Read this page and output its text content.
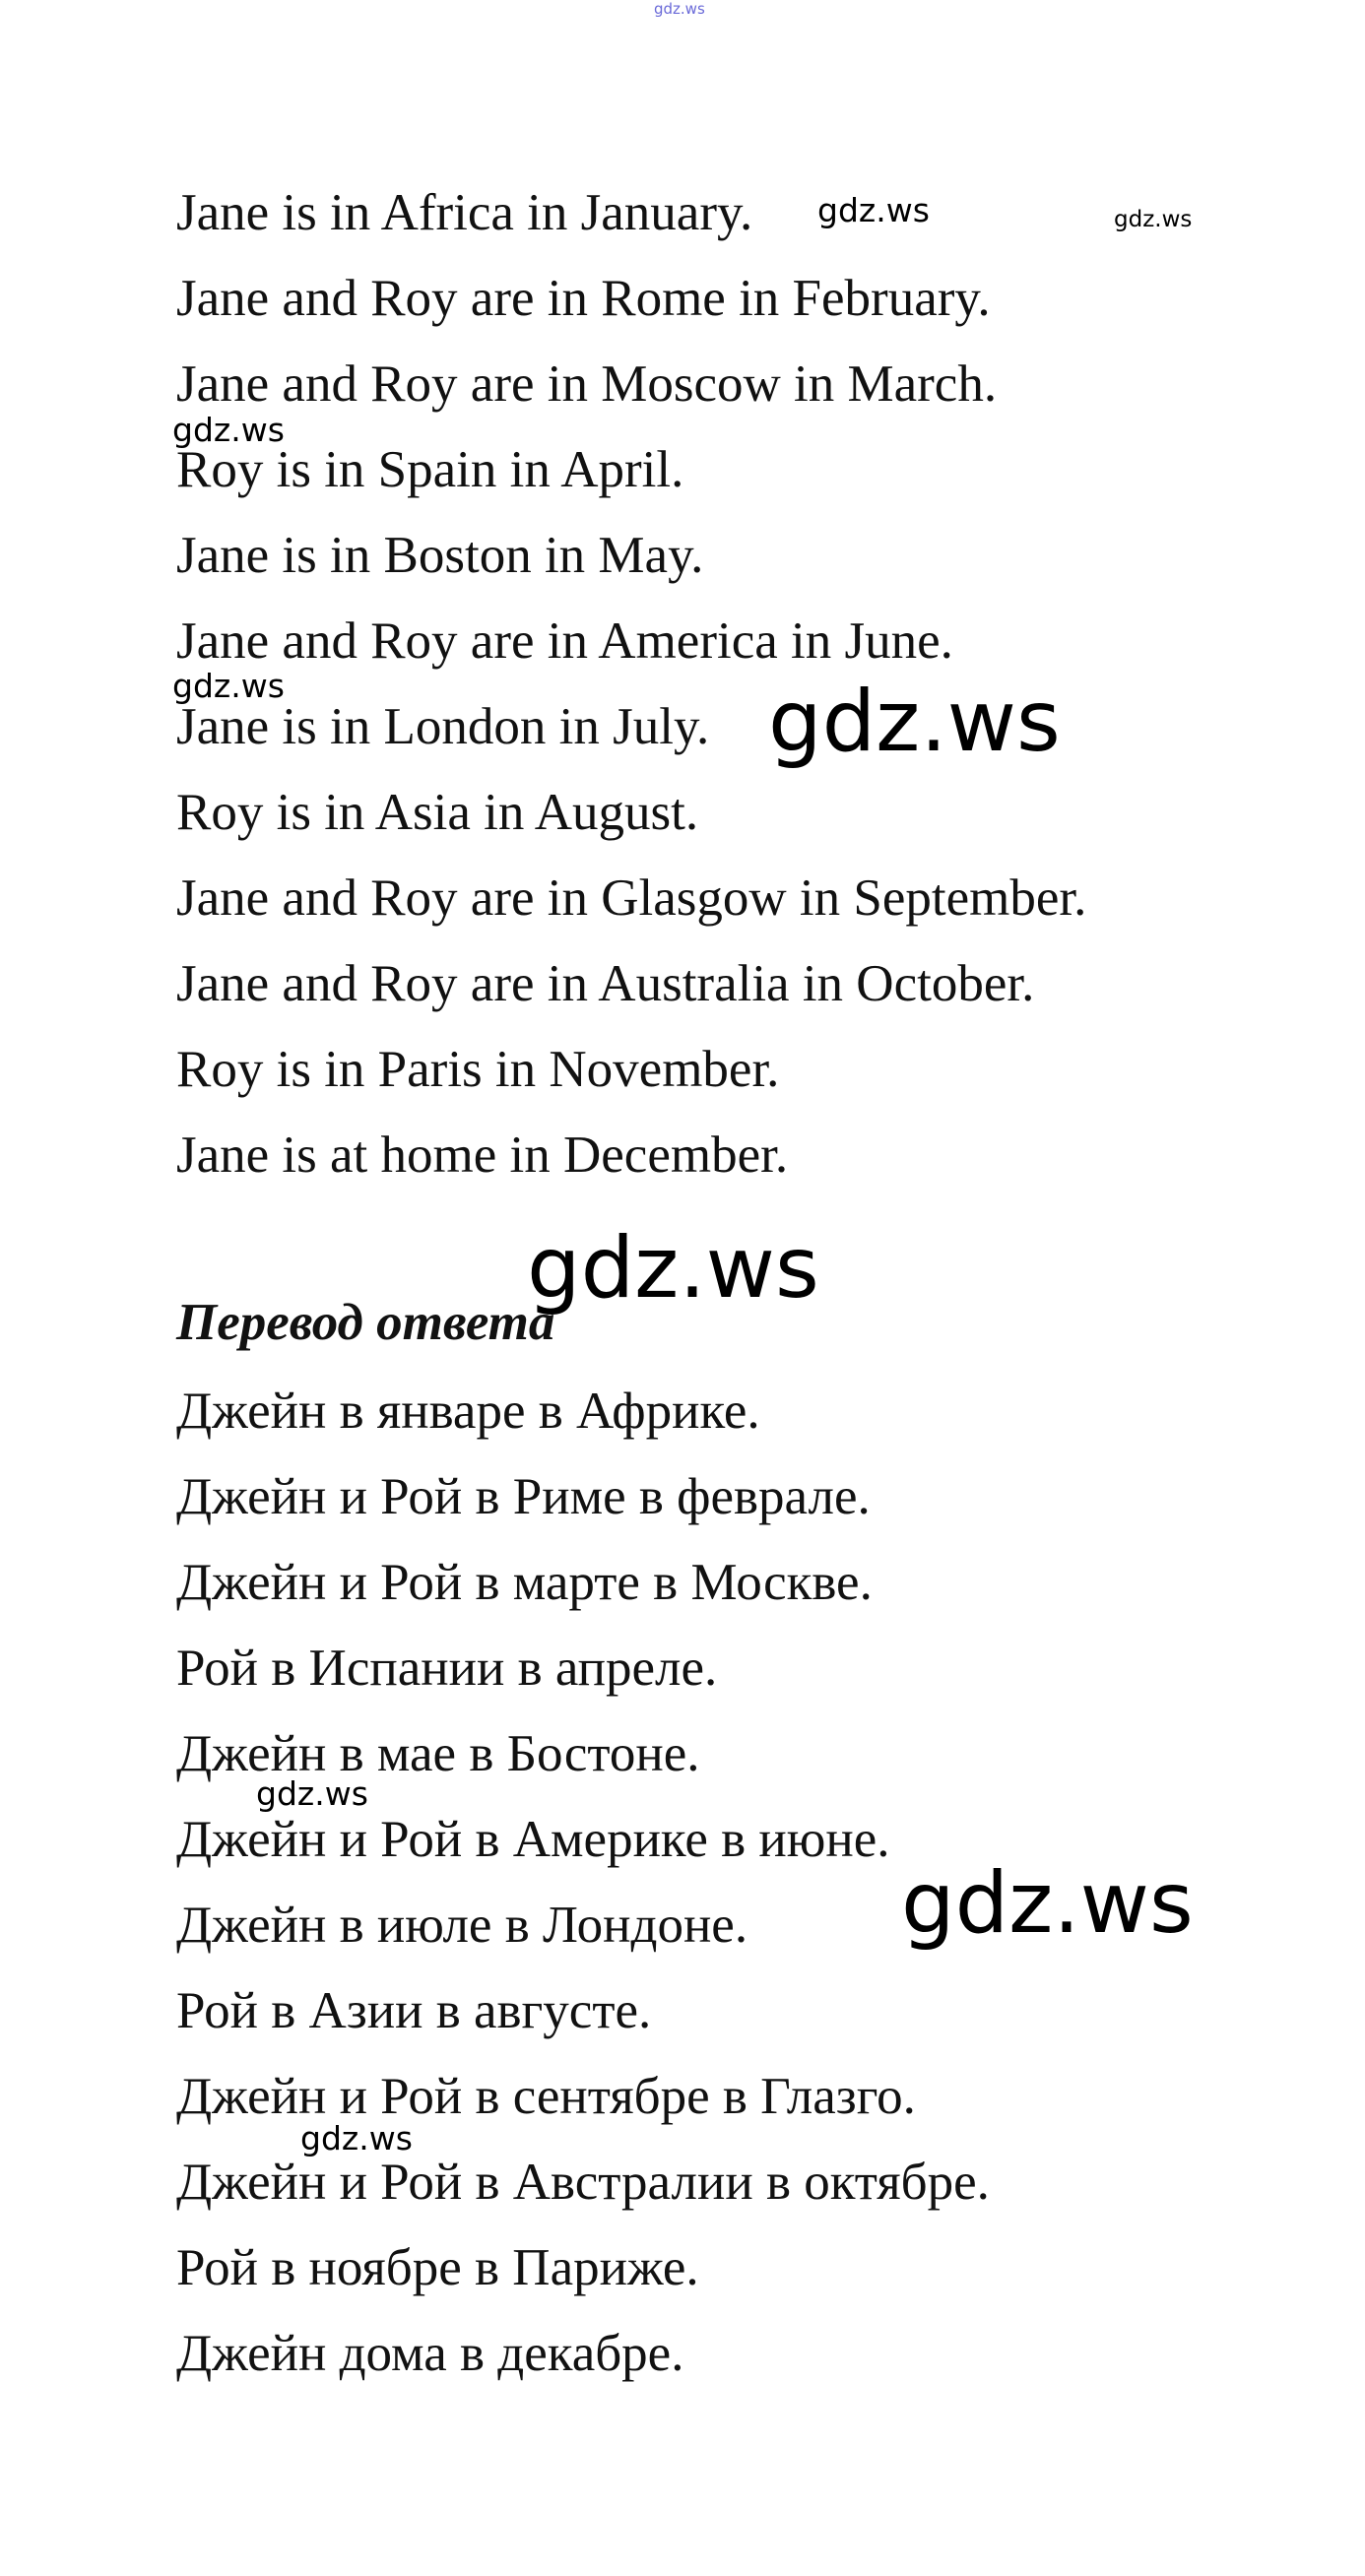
Jane is in Africa in January.
Jane and Roy are in Rome in February.
Jane and Roy are in Moscow in March.
Roy is in Spain in April.
Jane is in Boston in May.
Jane and Roy are in America in June.
Jane is in London in July.
Roy is in Asia in August.
Jane and Roy are in Glasgow in September.
Jane and Roy are in Australia in October.
Roy is in Paris in November.
Jane is at home in December.
Перевод ответа
Джейн в январе в Африке.
Джейн и Рой в Риме в феврале.
Джейн и Рой в марте в Москве.
Рой в Испании в апреле.
Джейн в мае в Бостоне.
Джейн и Рой в Америке в июне.
Джейн в июле в Лондоне.
Рой в Азии в августе.
Джейн и Рой в сентябре в Глазго.
Джейн и Рой в Австралии в октябре.
Рой в ноябре в Париже.
Джейн дома в декабре.
gdz.ws
gdz.ws	gdz.ws
gdz.ws
gdz.ws	gdz.ws
gdz.ws
gdz.ws
gdz.ws
gdz.ws
